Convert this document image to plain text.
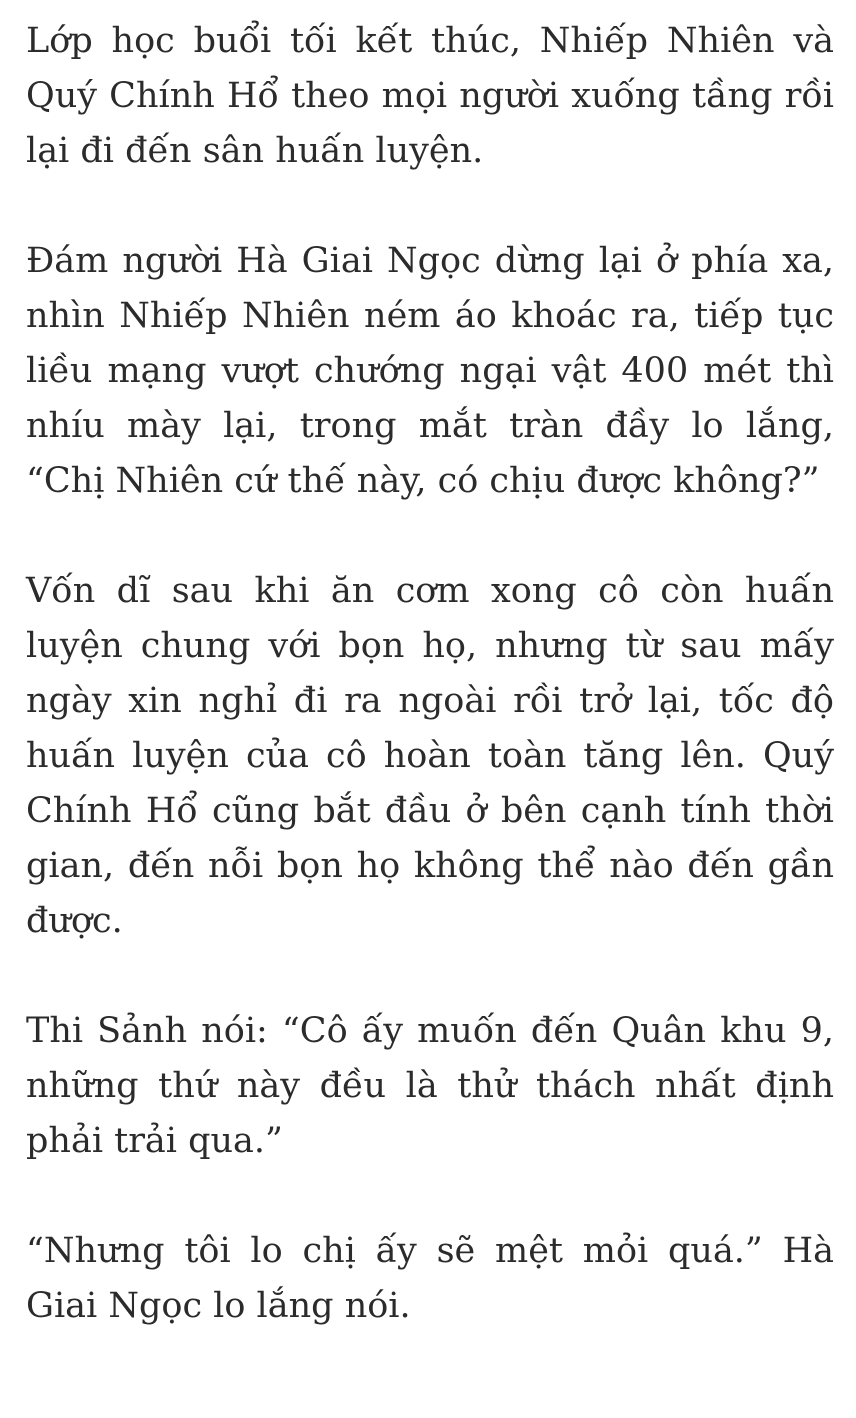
Lớp học buổi tối kết thúc, Nhiếp Nhiên và Quý Chính Hổ theo mọi người xuống tầng rồi lại đi đến sân huấn luyện.

Đám người Hà Giai Ngọc dừng lại ở phía xa, nhìn Nhiếp Nhiên ném áo khoác ra, tiếp tục liều mạng vượt chướng ngại vật 400 mét thì nhíu mày lại, trong mắt tràn đầy lo lắng, “Chị Nhiên cứ thế này, có chịu được không?”

Vốn dĩ sau khi ăn cơm xong cô còn huấn luyện chung với bọn họ, nhưng từ sau mấy ngày xin nghỉ đi ra ngoài rồi trở lại, tốc độ huấn luyện của cô hoàn toàn tăng lên. Quý Chính Hổ cũng bắt đầu ở bên cạnh tính thời gian, đến nỗi bọn họ không thể nào đến gần được.

Thi Sảnh nói: “Cô ấy muốn đến Quân khu 9, những thứ này đều là thử thách nhất định phải trải qua.”

“Nhưng tôi lo chị ấy sẽ mệt mỏi quá.” Hà Giai Ngọc lo lắng nói.
